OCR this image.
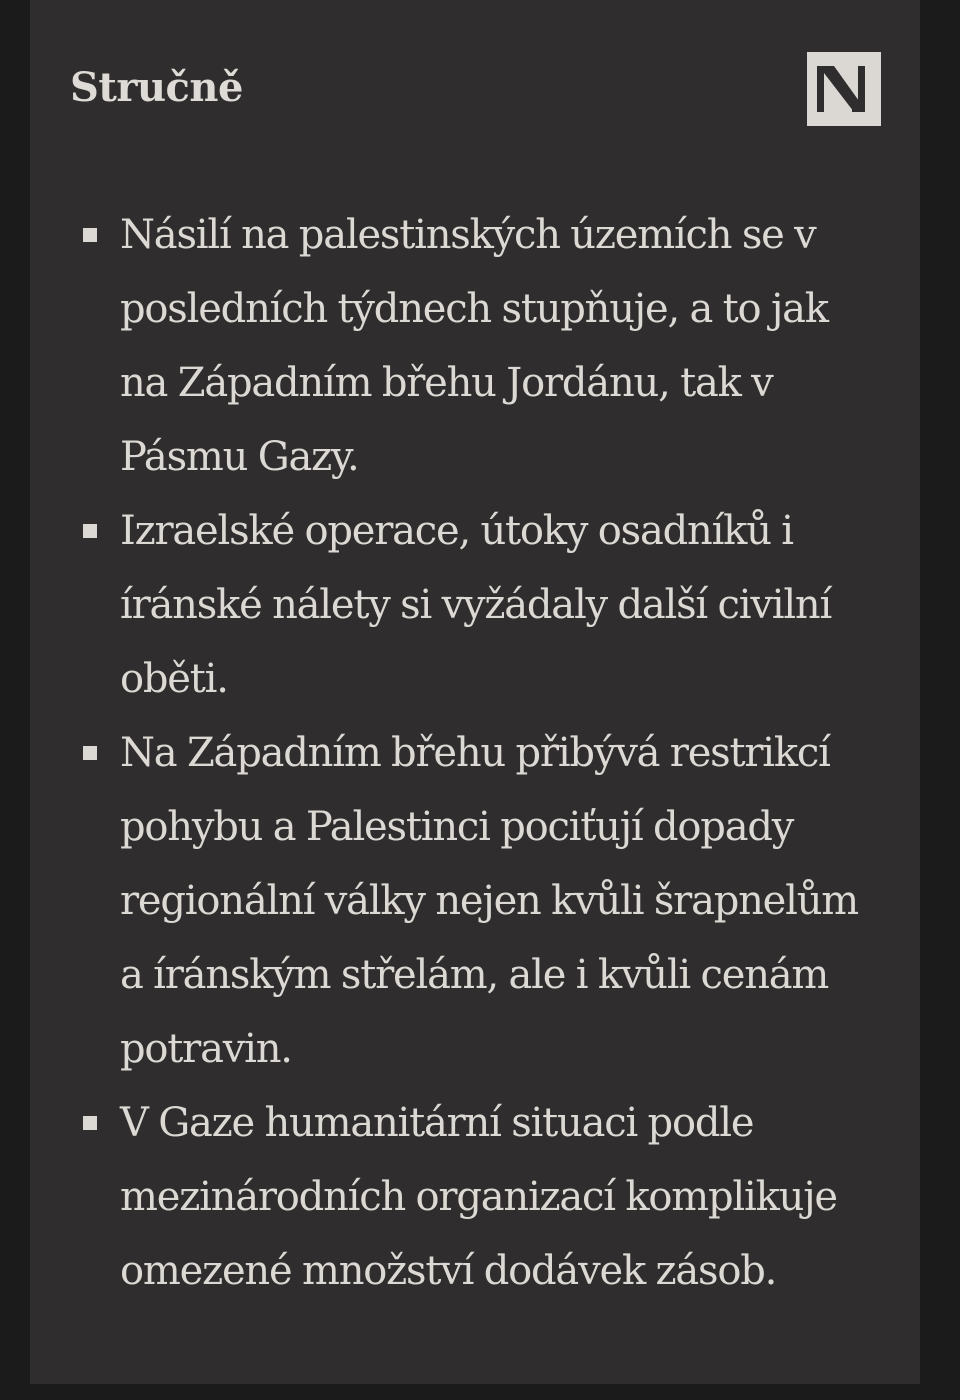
Stručně
Násilí na palestinských územích se v posledních týdnech stupňuje, a to jak na Západním břehu Jordánu, tak v Pásmu Gazy.
Izraelské operace, útoky osadníků i íránské nálety si vyžádaly další civilní oběti.
Na Západním břehu přibývá restrikcí pohybu a Palestinci pociťují dopady regionální války nejen kvůli šrapnelům a íránským střelám, ale i kvůli cenám potravin.
V Gaze humanitární situaci podle mezinárodních organizací komplikuje omezené množství dodávek zásob.
